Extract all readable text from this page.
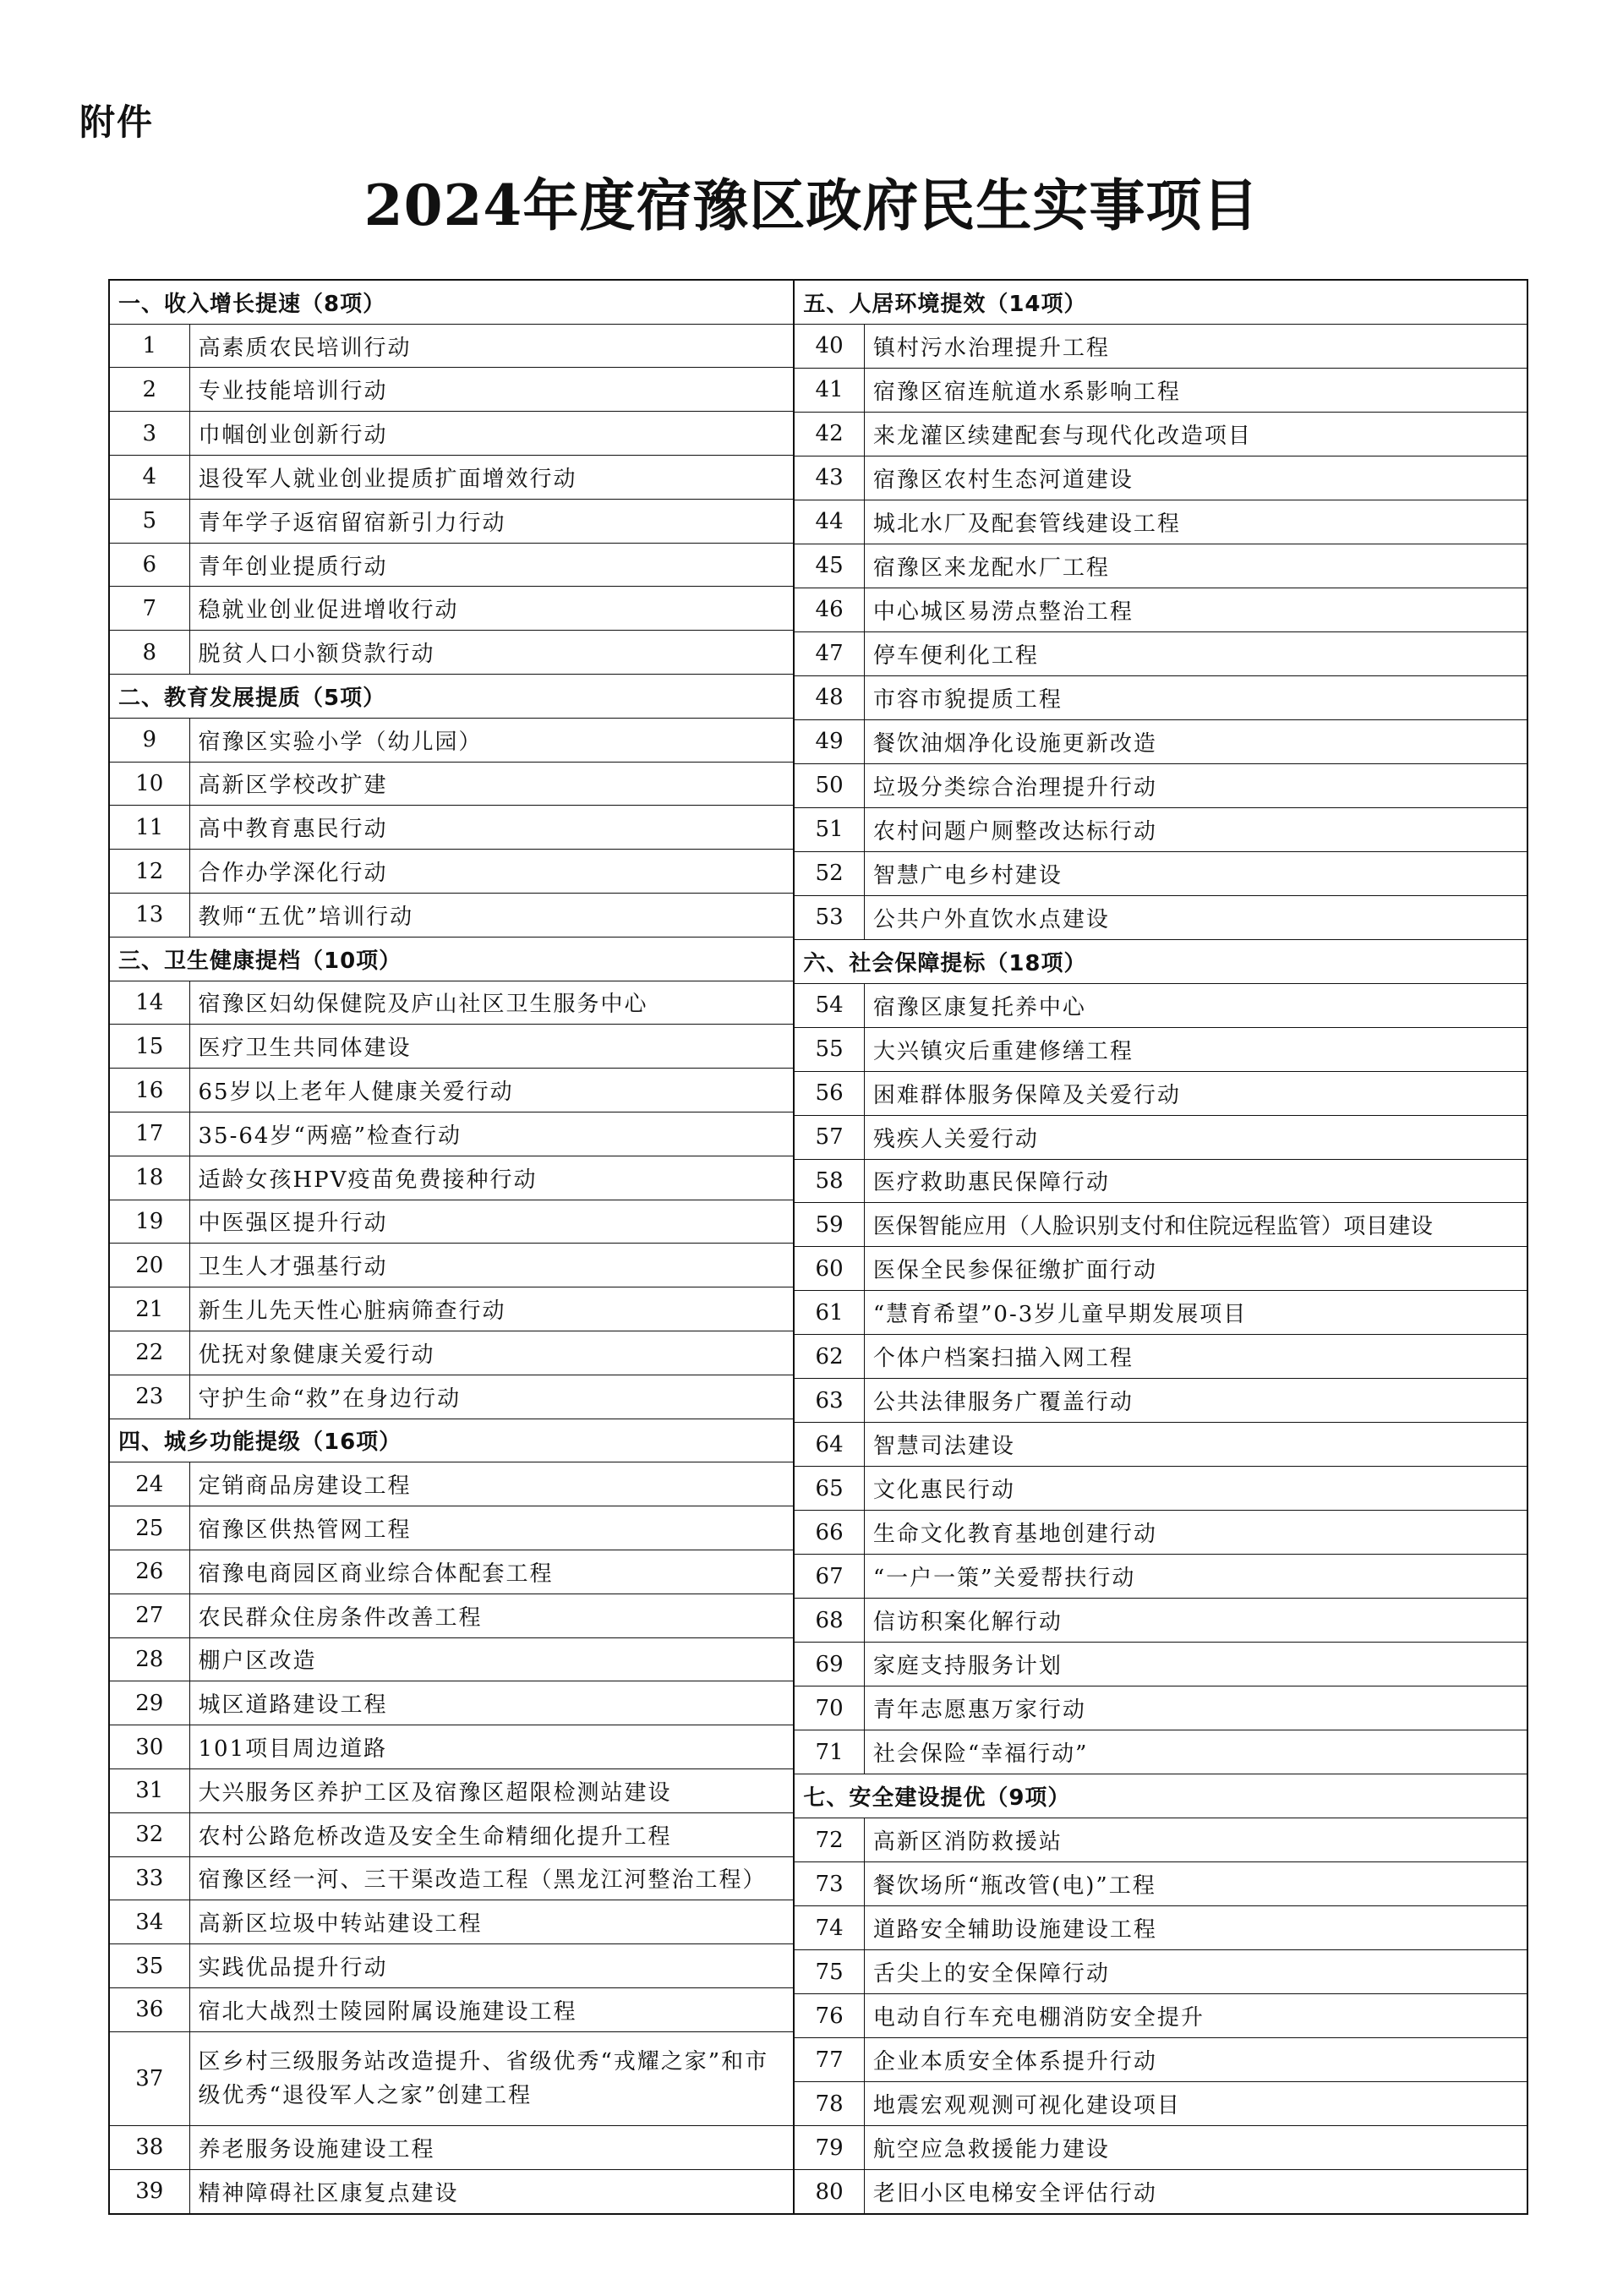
附件
2024年度宿豫区政府民生实事项目
一、收入增长提速（8项）	
1	高素质农民培训行动
2	专业技能培训行动
3	巾帼创业创新行动
4	退役军人就业创业提质扩面增效行动
5	青年学子返宿留宿新引力行动
6	青年创业提质行动
7	稳就业创业促进增收行动
8	脱贫人口小额贷款行动
二、教育发展提质（5项）	
9	宿豫区实验小学（幼儿园）
10	高新区学校改扩建
11	高中教育惠民行动
12	合作办学深化行动
13	教师“五优”培训行动
三、卫生健康提档（10项）	
14	宿豫区妇幼保健院及庐山社区卫生服务中心
15	医疗卫生共同体建设
16	65岁以上老年人健康关爱行动
17	35-64岁“两癌”检查行动
18	适龄女孩HPV疫苗免费接种行动
19	中医强区提升行动
20	卫生人才强基行动
21	新生儿先天性心脏病筛查行动
22	优抚对象健康关爱行动
23	守护生命“救”在身边行动
四、城乡功能提级（16项）	
24	定销商品房建设工程
25	宿豫区供热管网工程
26	宿豫电商园区商业综合体配套工程
27	农民群众住房条件改善工程
28	棚户区改造
29	城区道路建设工程
30	101项目周边道路
31	大兴服务区养护工区及宿豫区超限检测站建设
32	农村公路危桥改造及安全生命精细化提升工程
33	宿豫区经一河、三干渠改造工程（黑龙江河整治工程）
34	高新区垃圾中转站建设工程
35	实践优品提升行动
36	宿北大战烈士陵园附属设施建设工程
37	区乡村三级服务站改造提升、省级优秀“戎耀之家”和市级优秀“退役军人之家”创建工程
38	养老服务设施建设工程
39	精神障碍社区康复点建设
五、人居环境提效（14项）	
40	镇村污水治理提升工程
41	宿豫区宿连航道水系影响工程
42	来龙灌区续建配套与现代化改造项目
43	宿豫区农村生态河道建设
44	城北水厂及配套管线建设工程
45	宿豫区来龙配水厂工程
46	中心城区易涝点整治工程
47	停车便利化工程
48	市容市貌提质工程
49	餐饮油烟净化设施更新改造
50	垃圾分类综合治理提升行动
51	农村问题户厕整改达标行动
52	智慧广电乡村建设
53	公共户外直饮水点建设
六、社会保障提标（18项）	
54	宿豫区康复托养中心
55	大兴镇灾后重建修缮工程
56	困难群体服务保障及关爱行动
57	残疾人关爱行动
58	医疗救助惠民保障行动
59	医保智能应用（人脸识别支付和住院远程监管）项目建设
60	医保全民参保征缴扩面行动
61	“慧育希望”0-3岁儿童早期发展项目
62	个体户档案扫描入网工程
63	公共法律服务广覆盖行动
64	智慧司法建设
65	文化惠民行动
66	生命文化教育基地创建行动
67	“一户一策”关爱帮扶行动
68	信访积案化解行动
69	家庭支持服务计划
70	青年志愿惠万家行动
71	社会保险“幸福行动”
七、安全建设提优（9项）	
72	高新区消防救援站
73	餐饮场所“瓶改管(电)”工程
74	道路安全辅助设施建设工程
75	舌尖上的安全保障行动
76	电动自行车充电棚消防安全提升
77	企业本质安全体系提升行动
78	地震宏观观测可视化建设项目
79	航空应急救援能力建设
80	老旧小区电梯安全评估行动
